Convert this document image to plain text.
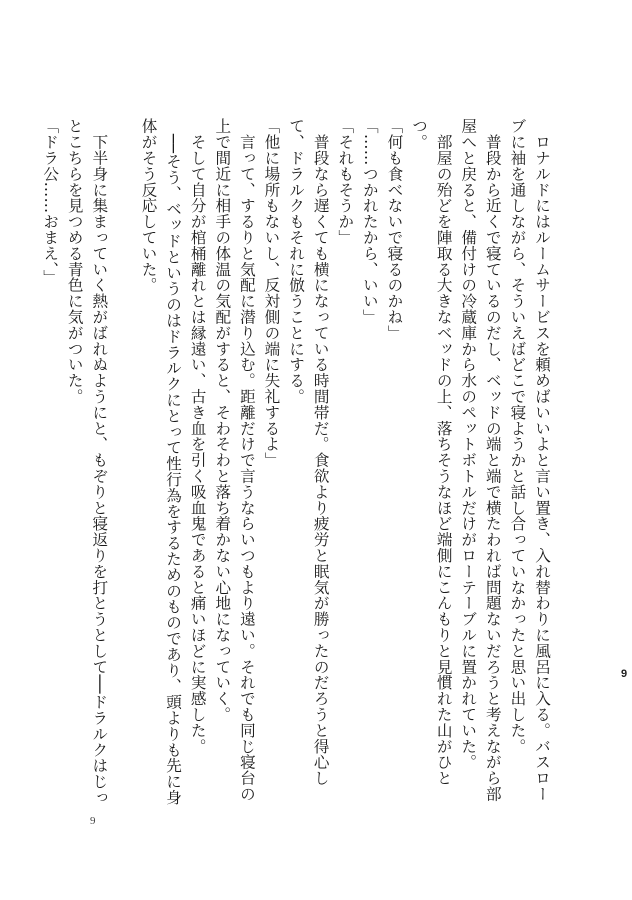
　ロナルドにはルームサービスを頼めばいいよと言い置き、入れ替わりに風呂に入る。バスローブに袖を通しながら、そういえばどこで寝ようかと話し合っていなかったと思い出した。

　普段から近くで寝ているのだし、ベッドの端と端で横たわれば問題ないだろうと考えながら部屋へと戻ると、備付けの冷蔵庫から水のペットボトルだけがローテーブルに置かれていた。

　部屋の殆どを陣取る大きなベッドの上、落ちそうなほど端側にこんもりと見慣れた山がひとつ。

「何も食べないで寝るのかね」

「……つかれたから、いい」

「それもそうか」

　普段なら遅くても横になっている時間帯だ。食欲より疲労と眠気が勝ったのだろうと得心して、ドラルクもそれに倣うことにする。

「他に場所もないし、反対側の端に失礼するよ」

　言って、するりと気配に潜り込む。距離だけで言うならいつもより遠い。それでも同じ寝台の上で間近に相手の体温の気配がすると、そわそわと落ち着かない心地になっていく。

　そして自分が棺桶離れとは縁遠い、古き血を引く吸血鬼であると痛いほどに実感した。

　──そう、ベッドというのはドラルクにとって性行為をするためのものであり、頭よりも先に身体がそう反応していた。

　下半身に集まっていく熱がばれぬようにと、もぞりと寝返りを打とうとして──ドラルクはじっとこちらを見つめる青色に気がついた。

「ドラ公……おまえ、」

9
9
